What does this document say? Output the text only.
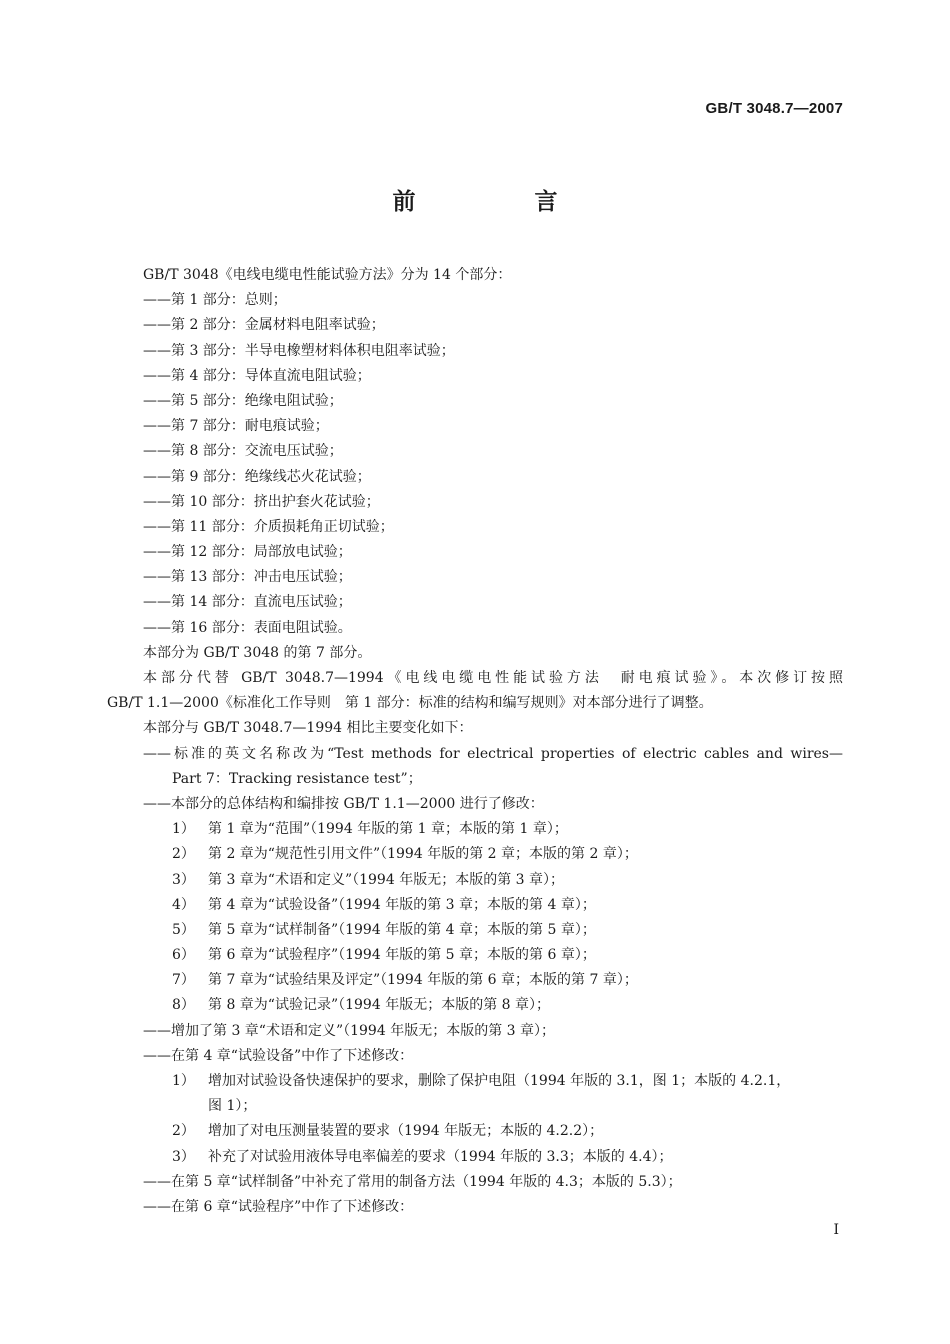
GB/T 3048.7—2007
前　言
GB/T 3048《电线电缆电性能试验方法》分为 14 个部分：
——第 1 部分：总则；
——第 2 部分：金属材料电阻率试验；
——第 3 部分：半导电橡塑材料体积电阻率试验；
——第 4 部分：导体直流电阻试验；
——第 5 部分：绝缘电阻试验；
——第 7 部分：耐电痕试验；
——第 8 部分：交流电压试验；
——第 9 部分：绝缘线芯火花试验；
——第 10 部分：挤出护套火花试验；
——第 11 部分：介质损耗角正切试验；
——第 12 部分：局部放电试验；
——第 13 部分：冲击电压试验；
——第 14 部分：直流电压试验；
——第 16 部分：表面电阻试验。
本部分为 GB/T 3048 的第 7 部分。
本部分代替 GB/T 3048.7—1994《电线电缆电性能试验方法　耐电痕试验》。本次修订按照
GB/T 1.1—2000《标准化工作导则　第 1 部分：标准的结构和编写规则》对本部分进行了调整。
本部分与 GB/T 3048.7—1994 相比主要变化如下：
——标准的英文名称改为“Test methods for electrical properties of electric cables and wires—
Part 7：Tracking resistance test”；
——本部分的总体结构和编排按 GB/T 1.1—2000 进行了修改：
1） 第 1 章为“范围”（1994 年版的第 1 章；本版的第 1 章）；
2） 第 2 章为“规范性引用文件”（1994 年版的第 2 章；本版的第 2 章）；
3） 第 3 章为“术语和定义”（1994 年版无；本版的第 3 章）；
4） 第 4 章为“试验设备”（1994 年版的第 3 章；本版的第 4 章）；
5） 第 5 章为“试样制备”（1994 年版的第 4 章；本版的第 5 章）；
6） 第 6 章为“试验程序”（1994 年版的第 5 章；本版的第 6 章）；
7） 第 7 章为“试验结果及评定”（1994 年版的第 6 章；本版的第 7 章）；
8） 第 8 章为“试验记录”（1994 年版无；本版的第 8 章）；
——增加了第 3 章“术语和定义”（1994 年版无；本版的第 3 章）；
——在第 4 章“试验设备”中作了下述修改：
1） 增加对试验设备快速保护的要求，删除了保护电阻（1994 年版的 3.1，图 1；本版的 4.2.1，
图 1）；
2） 增加了对电压测量装置的要求（1994 年版无；本版的 4.2.2）；
3） 补充了对试验用液体导电率偏差的要求（1994 年版的 3.3；本版的 4.4）；
——在第 5 章“试样制备”中补充了常用的制备方法（1994 年版的 4.3；本版的 5.3）；
——在第 6 章“试验程序”中作了下述修改：
I
